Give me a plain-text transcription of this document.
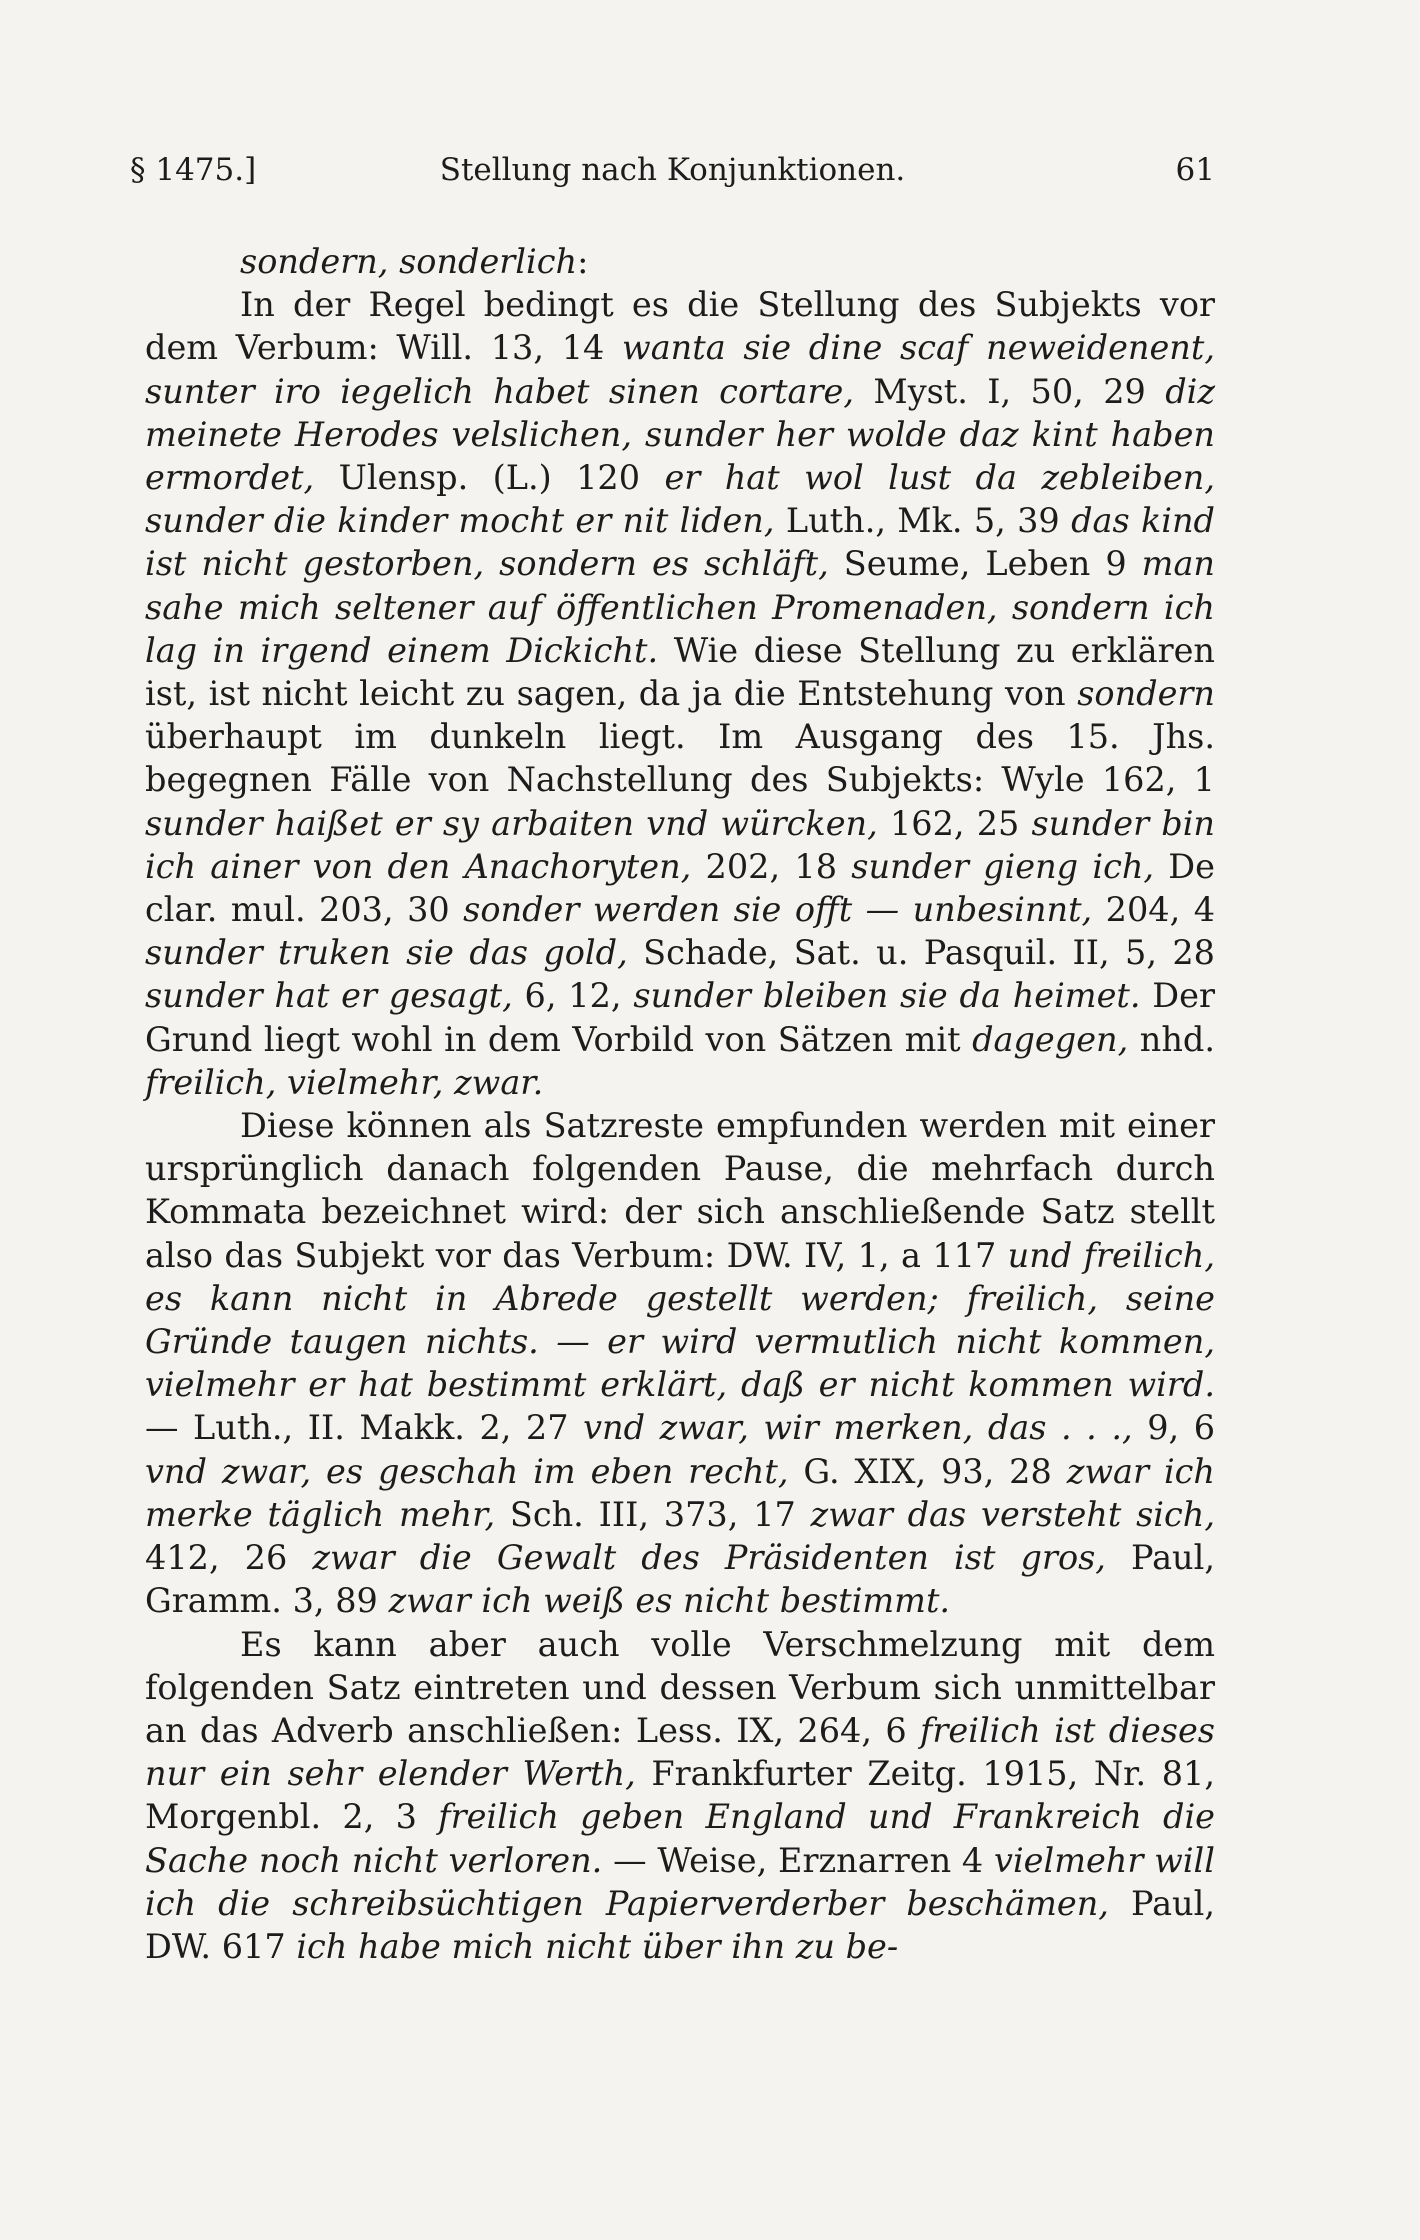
§ 1475.]	Stellung nach Konjunktionen.	61

sondern, sonderlich:

In der Regel bedingt es die Stellung des Subjekts vor dem Verbum: Will. 13, 14 wanta sie dine scaf neweidenent, sunter iro iegelich habet sinen cortare, Myst. I, 50, 29 diz meinete Herodes velslichen, sunder her wolde daz kint haben ermordet, Ulensp. (L.) 120 er hat wol lust da zebleiben, sunder die kinder mocht er nit liden, Luth., Mk. 5, 39 das kind ist nicht gestorben, sondern es schläft, Seume, Leben 9 man sahe mich seltener auf öffentlichen Promenaden, sondern ich lag in irgend einem Dickicht. Wie diese Stellung zu erklären ist, ist nicht leicht zu sagen, da ja die Entstehung von sondern überhaupt im dunkeln liegt. Im Ausgang des 15. Jhs. begegnen Fälle von Nachstellung des Subjekts: Wyle 162, 1 sunder haißet er sy arbaiten vnd würcken, 162, 25 sunder bin ich ainer von den Anachoryten, 202, 18 sunder gieng ich, De clar. mul. 203, 30 sonder werden sie offt — unbesinnt, 204, 4 sunder truken sie das gold, Schade, Sat. u. Pasquil. II, 5, 28 sunder hat er gesagt, 6, 12, sunder bleiben sie da heimet. Der Grund liegt wohl in dem Vorbild von Sätzen mit dagegen, nhd. freilich, vielmehr, zwar.

Diese können als Satzreste empfunden werden mit einer ursprünglich danach folgenden Pause, die mehrfach durch Kommata bezeichnet wird: der sich anschließende Satz stellt also das Subjekt vor das Verbum: DW. IV, 1, a 117 und freilich, es kann nicht in Abrede gestellt werden; freilich, seine Gründe taugen nichts. — er wird vermutlich nicht kommen, vielmehr er hat bestimmt erklärt, daß er nicht kommen wird. — Luth., II. Makk. 2, 27 vnd zwar, wir merken, das . . ., 9, 6 vnd zwar, es geschah im eben recht, G. XIX, 93, 28 zwar ich merke täglich mehr, Sch. III, 373, 17 zwar das versteht sich, 412, 26 zwar die Gewalt des Präsidenten ist gros, Paul, Gramm. 3, 89 zwar ich weiß es nicht bestimmt.

Es kann aber auch volle Verschmelzung mit dem folgenden Satz eintreten und dessen Verbum sich unmittelbar an das Adverb anschließen: Less. IX, 264, 6 freilich ist dieses nur ein sehr elender Werth, Frankfurter Zeitg. 1915, Nr. 81, Morgenbl. 2, 3 freilich geben England und Frankreich die Sache noch nicht verloren. — Weise, Erznarren 4 vielmehr will ich die schreibsüchtigen Papierverderber beschämen, Paul, DW. 617 ich habe mich nicht über ihn zu be-
